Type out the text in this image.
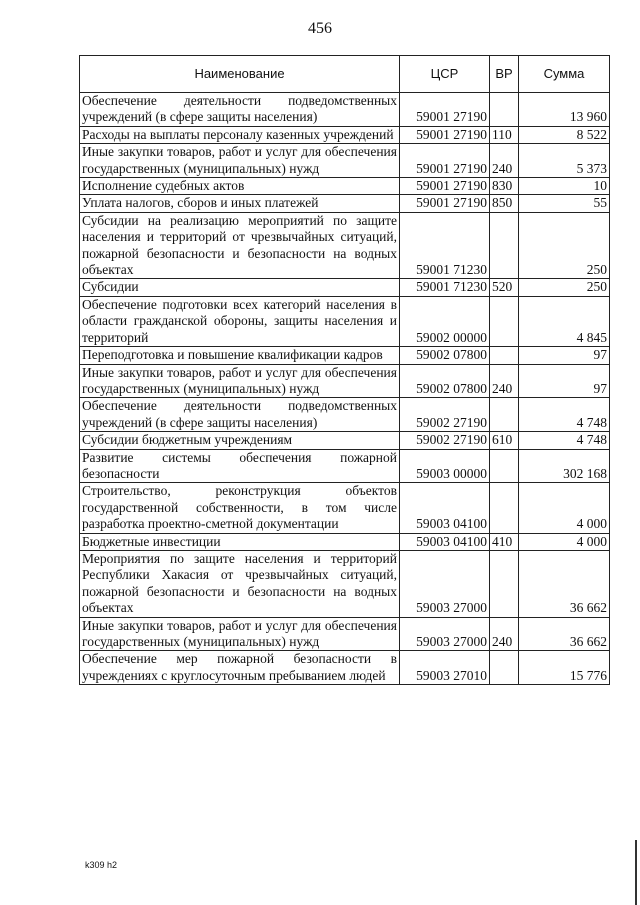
456
Наименование	ЦСР	ВР	Сумма
Обеспечение деятельности подведомственных учреждений (в сфере защиты населения)	59001 27190		13 960
Расходы на выплаты персоналу казенных учреждений	59001 27190	110	8 522
Иные закупки товаров, работ и услуг для обеспечения государственных (муниципальных) нужд	59001 27190	240	5 373
Исполнение судебных актов	59001 27190	830	10
Уплата налогов, сборов и иных платежей	59001 27190	850	55
Субсидии на реализацию мероприятий по защите населения и территорий от чрезвычайных ситуаций, пожарной безопасности и безопасности на водных объектах	59001 71230		250
Субсидии	59001 71230	520	250
Обеспечение подготовки всех категорий населения в области гражданской обороны, защиты населения и территорий	59002 00000		4 845
Переподготовка и повышение квалификации кадров	59002 07800		97
Иные закупки товаров, работ и услуг для обеспечения государственных (муниципальных) нужд	59002 07800	240	97
Обеспечение деятельности подведомственных учреждений (в сфере защиты населения)	59002 27190		4 748
Субсидии бюджетным учреждениям	59002 27190	610	4 748
Развитие системы обеспечения пожарной безопасности	59003 00000		302 168
Строительство, реконструкция объектов государственной собственности, в том числе разработка проектно-сметной документации	59003 04100		4 000
Бюджетные инвестиции	59003 04100	410	4 000
Мероприятия по защите населения и территорий Республики Хакасия от чрезвычайных ситуаций, пожарной безопасности и безопасности на водных объектах	59003 27000		36 662
Иные закупки товаров, работ и услуг для обеспечения государственных (муниципальных) нужд	59003 27000	240	36 662
Обеспечение мер пожарной безопасности в учреждениях с круглосуточным пребыванием людей	59003 27010		15 776
k309 h2
